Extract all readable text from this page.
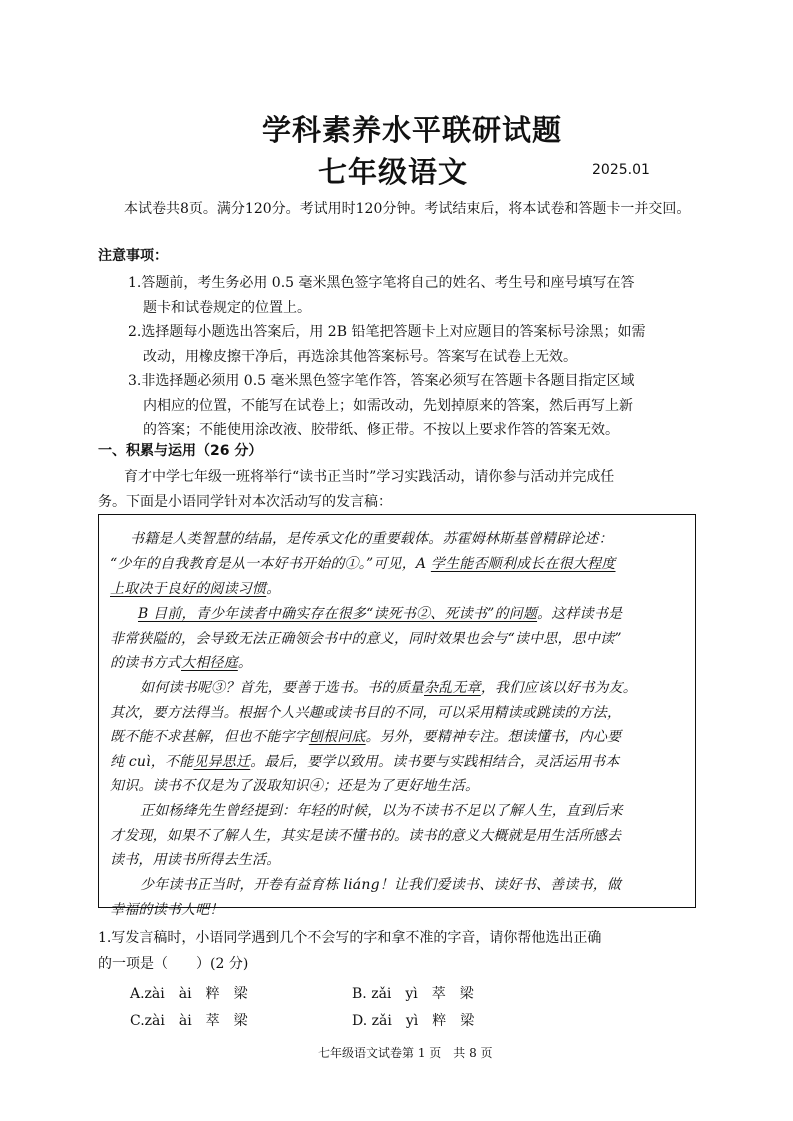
学科素养水平联研试题
七年级语文	2025.01
本试卷共8页。满分120分。考试用时120分钟。考试结束后，将本试卷和答题卡一并交回。
注意事项：
1.答题前，考生务必用 0.5 毫米黑色签字笔将自己的姓名、考生号和座号填写在答
题卡和试卷规定的位置上。
2.选择题每小题选出答案后，用 2B 铅笔把答题卡上对应题目的答案标号涂黑；如需
改动，用橡皮擦干净后，再选涂其他答案标号。答案写在试卷上无效。
3.非选择题必须用 0.5 毫米黑色签字笔作答，答案必须写在答题卡各题目指定区域
内相应的位置，不能写在试卷上；如需改动，先划掉原来的答案，然后再写上新
的答案；不能使用涂改液、胶带纸、修正带。不按以上要求作答的答案无效。
一、积累与运用（26 分）
育才中学七年级一班将举行“读书正当时”学习实践活动，请你参与活动并完成任
务。下面是小语同学针对本次活动写的发言稿：
书籍是人类智慧的结晶，是传承文化的重要载体。苏霍姆林斯基曾精辟论述：
“少年的自我教育是从一本好书开始的①。”可见，A 学生能否顺利成长在很大程度
上取决于良好的阅读习惯。
B 目前，青少年读者中确实存在很多“读死书②、死读书”的问题。这样读书是
非常狭隘的，会导致无法正确领会书中的意义，同时效果也会与“读中思，思中读”
的读书方式大相径庭。
如何读书呢③？首先，要善于选书。书的质量杂乱无章，我们应该以好书为友。
其次，要方法得当。根据个人兴趣或读书目的不同，可以采用精读或跳读的方法，
既不能不求甚解，但也不能字字刨根问底。另外，要精神专注。想读懂书，内心要
纯 cuì，不能见异思迁。最后，要学以致用。读书要与实践相结合，灵活运用书本
知识。读书不仅是为了汲取知识④；还是为了更好地生活。
正如杨绛先生曾经提到：年轻的时候，以为不读书不足以了解人生，直到后来
才发现，如果不了解人生，其实是读不懂书的。读书的意义大概就是用生活所感去
读书，用读书所得去生活。
少年读书正当时，开卷有益育栋 liáng！让我们爱读书、读好书、善读书，做
幸福的读书人吧！
1.写发言稿时，小语同学遇到几个不会写的字和拿不准的字音，请你帮他选出正确
的一项是（　　）(2 分)
A.zài　ài　粹　梁	B. zǎi　yì　萃　梁
C.zài　ài　萃　梁	D. zǎi　yì　粹　梁
七年级语文试卷第 1 页　共 8 页
